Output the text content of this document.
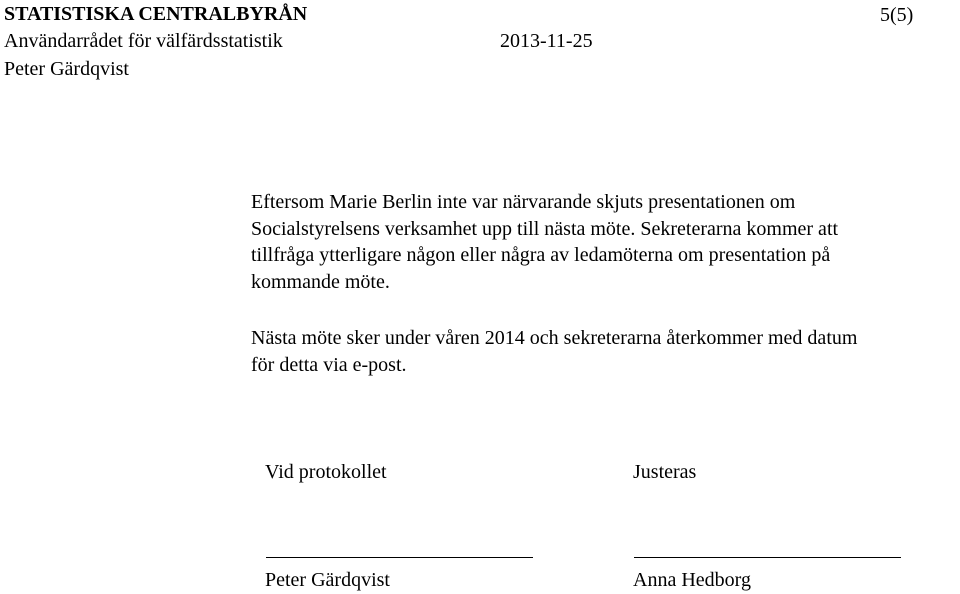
STATISTISKA CENTRALBYRÅN	5(5)
Användarrådet för välfärdsstatistik	2013-11-25
Peter Gärdqvist
Eftersom Marie Berlin inte var närvarande skjuts presentationen om
Socialstyrelsens verksamhet upp till nästa möte. Sekreterarna kommer att
tillfråga ytterligare någon eller några av ledamöterna om presentation på
kommande möte.
Nästa möte sker under våren 2014 och sekreterarna återkommer med datum
för detta via e-post.
Vid protokollet	Justeras
Peter Gärdqvist	Anna Hedborg
